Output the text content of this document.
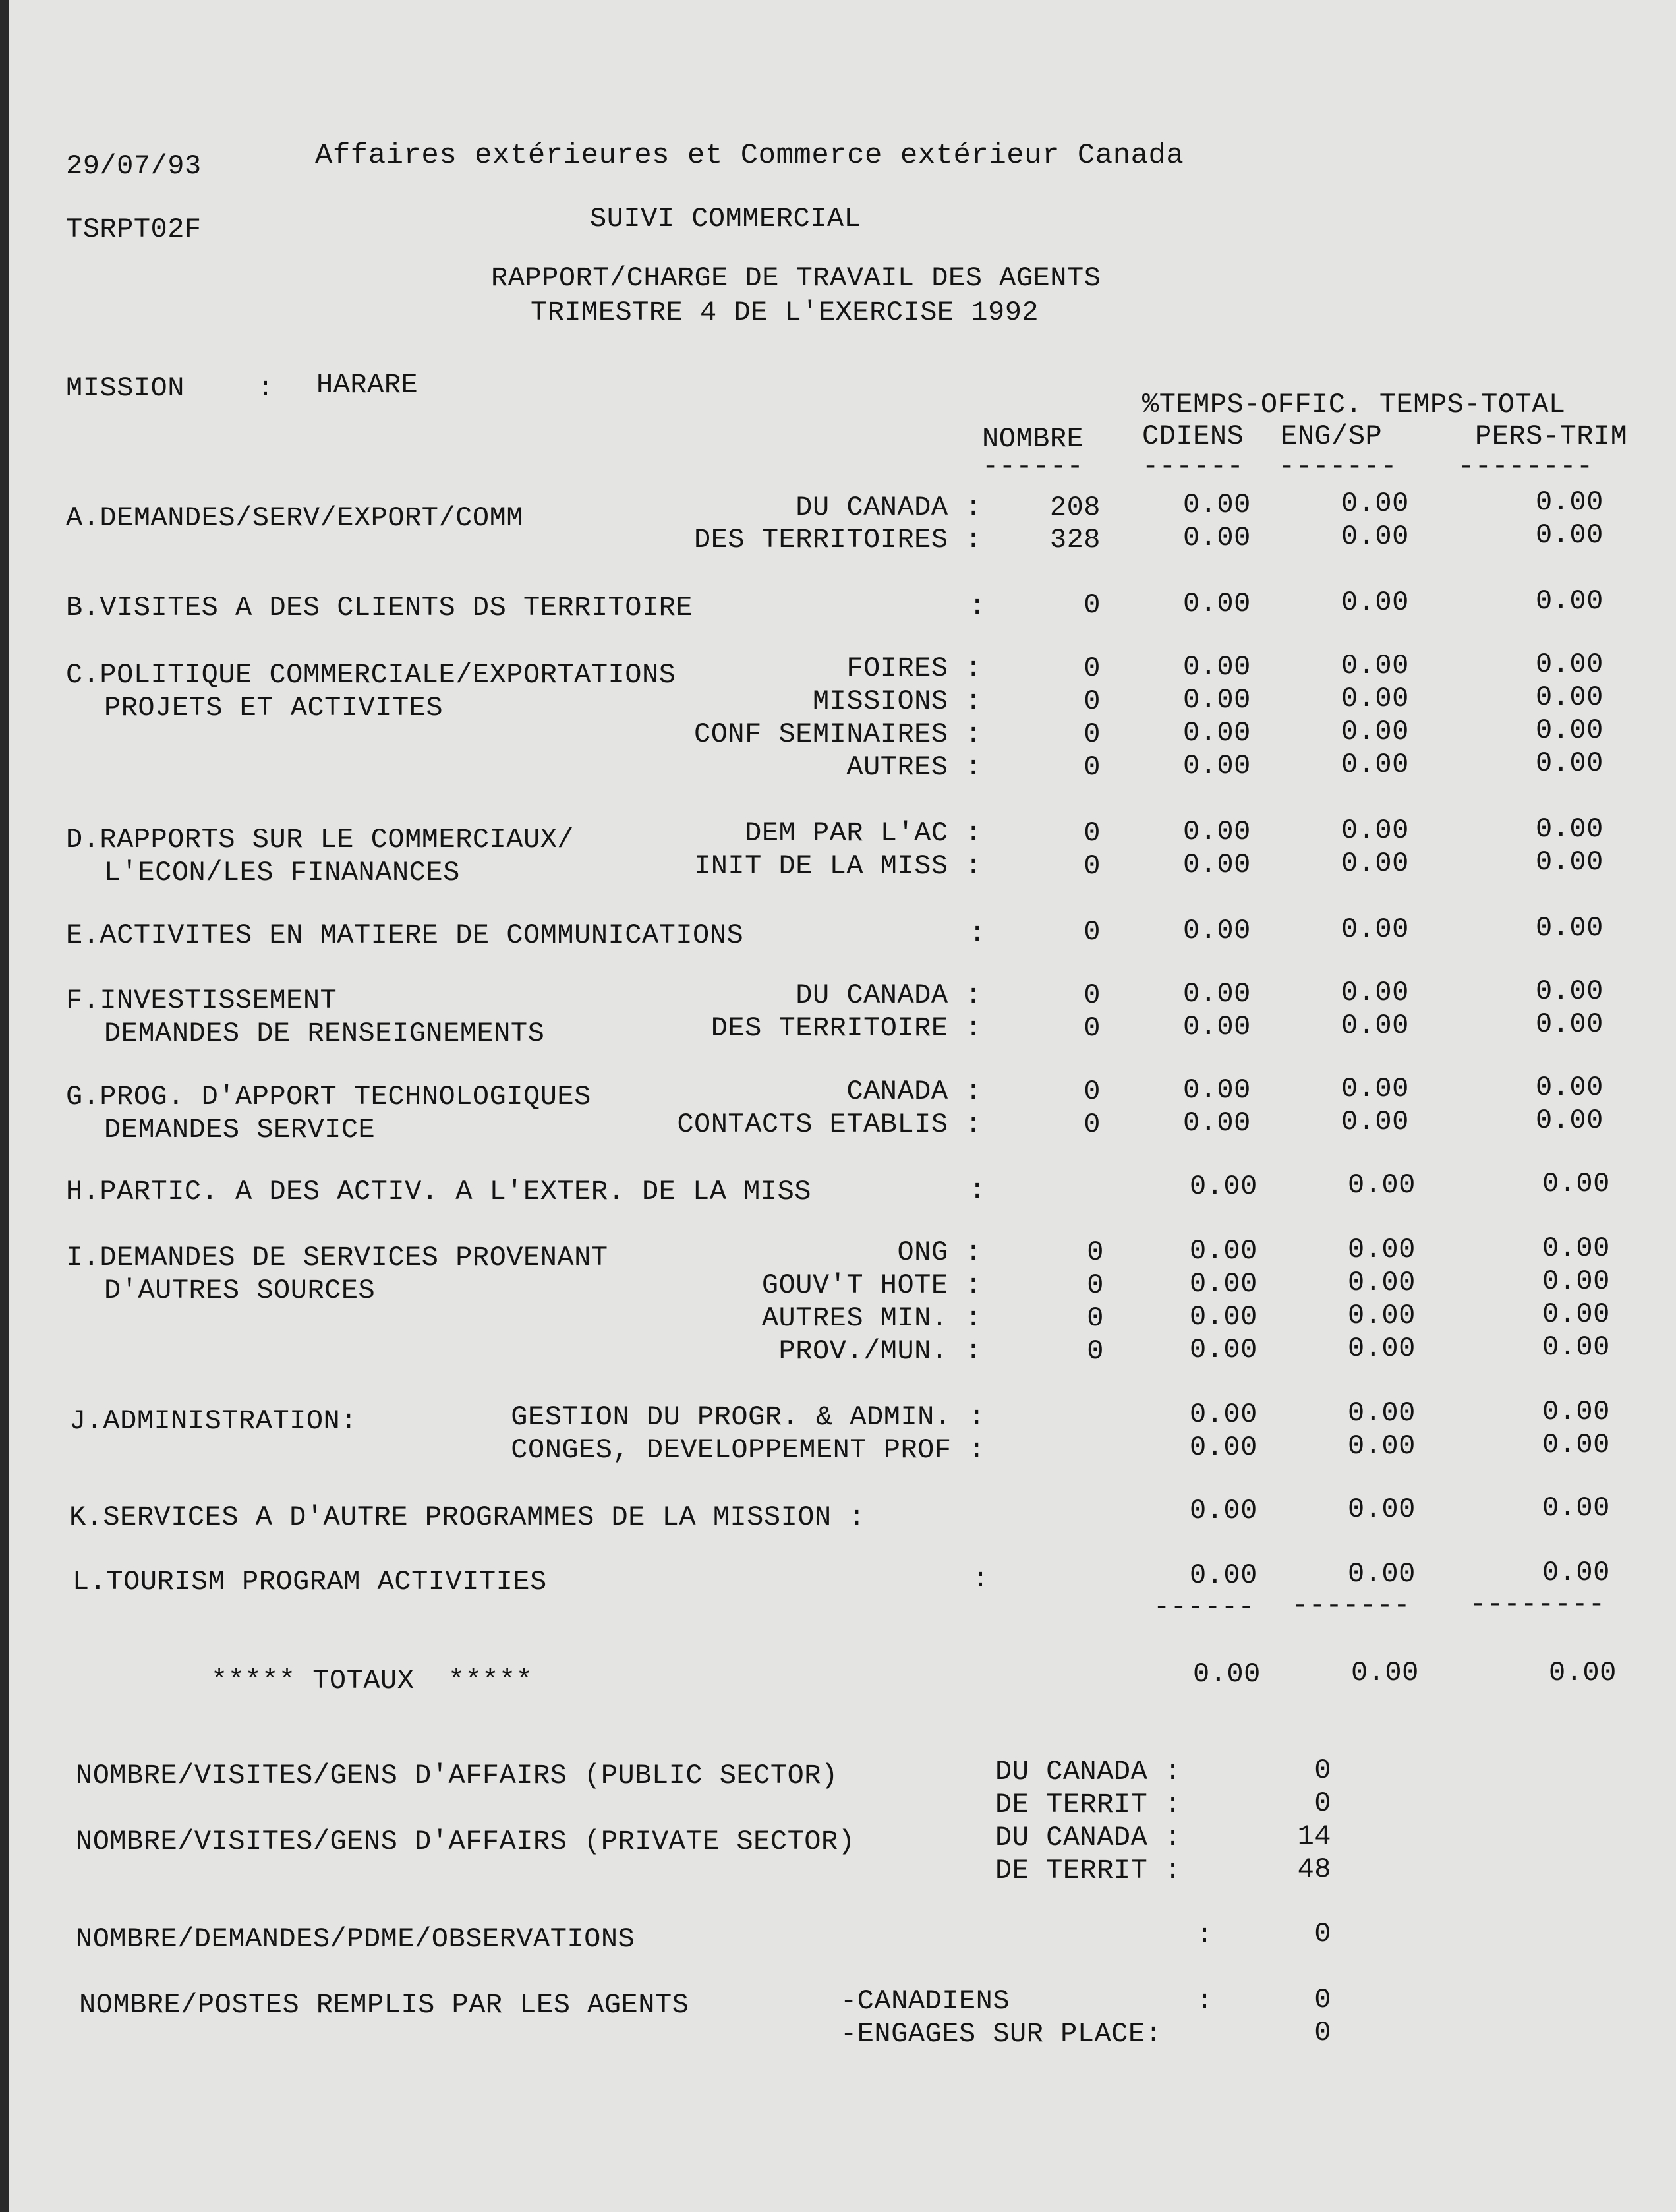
29/07/93	Affaires extérieures et Commerce extérieur Canada
TSRPT02F	SUIVI COMMERCIAL
RAPPORT/CHARGE DE TRAVAIL DES AGENTS
TRIMESTRE 4 DE L'EXERCISE 1992
MISSION	: HARARE
%TEMPS-OFFIC. TEMPS-TOTAL
NOMBRE CDIENS ENG/SP	PERS-TRIM
------ ------ ------- --------
A.DEMANDES/SERV/EXPORT/COMM	DU CANADA :	208	0.00	0.00	0.00
DES TERRITOIRES :	328	0.00	0.00	0.00
B.VISITES A DES CLIENTS DS TERRITOIRE	:	0	0.00	0.00	0.00
C.POLITIQUE COMMERCIALE/EXPORTATIONS
PROJETS ET ACTIVITES
FOIRES :	0	0.00	0.00	0.00
MISSIONS :	0	0.00	0.00	0.00
CONF SEMINAIRES :	0	0.00	0.00	0.00
AUTRES :	0	0.00	0.00	0.00
D.RAPPORTS SUR LE COMMERCIAUX/
L'ECON/LES FINANANCES
DEM PAR L'AC :	0	0.00	0.00	0.00
INIT DE LA MISS :	0	0.00	0.00	0.00
E.ACTIVITES EN MATIERE DE COMMUNICATIONS	:	0	0.00	0.00	0.00
F.INVESTISSEMENT
DEMANDES DE RENSEIGNEMENTS
DU CANADA :	0	0.00	0.00	0.00
DES TERRITOIRE :	0	0.00	0.00	0.00
G.PROG. D'APPORT TECHNOLOGIQUES
DEMANDES SERVICE
CANADA :	0	0.00	0.00	0.00
CONTACTS ETABLIS :	0	0.00	0.00	0.00
H.PARTIC. A DES ACTIV. A L'EXTER. DE LA MISS	:	0.00	0.00	0.00
I.DEMANDES DE SERVICES PROVENANT
D'AUTRES SOURCES
ONG :	0	0.00	0.00	0.00
GOUV'T HOTE :	0	0.00	0.00	0.00
AUTRES MIN. :	0	0.00	0.00	0.00
PROV./MUN. :	0	0.00	0.00	0.00
J.ADMINISTRATION:	GESTION DU PROGR. & ADMIN. :	0.00	0.00	0.00
CONGES, DEVELOPPEMENT PROF :	0.00	0.00	0.00
K.SERVICES A D'AUTRE PROGRAMMES DE LA MISSION :	0.00	0.00	0.00
L.TOURISM PROGRAM ACTIVITIES	:	0.00	0.00	0.00
------ ------- --------
***** TOTAUX  *****	0.00	0.00	0.00
NOMBRE/VISITES/GENS D'AFFAIRS (PUBLIC SECTOR)	DU CANADA :	0
DE TERRIT :	0
NOMBRE/VISITES/GENS D'AFFAIRS (PRIVATE SECTOR)	DU CANADA :	14
DE TERRIT :	48
NOMBRE/DEMANDES/PDME/OBSERVATIONS	:	0
NOMBRE/POSTES REMPLIS PAR LES AGENTS	-CANADIENS	:	0
-ENGAGES SUR PLACE:	0
